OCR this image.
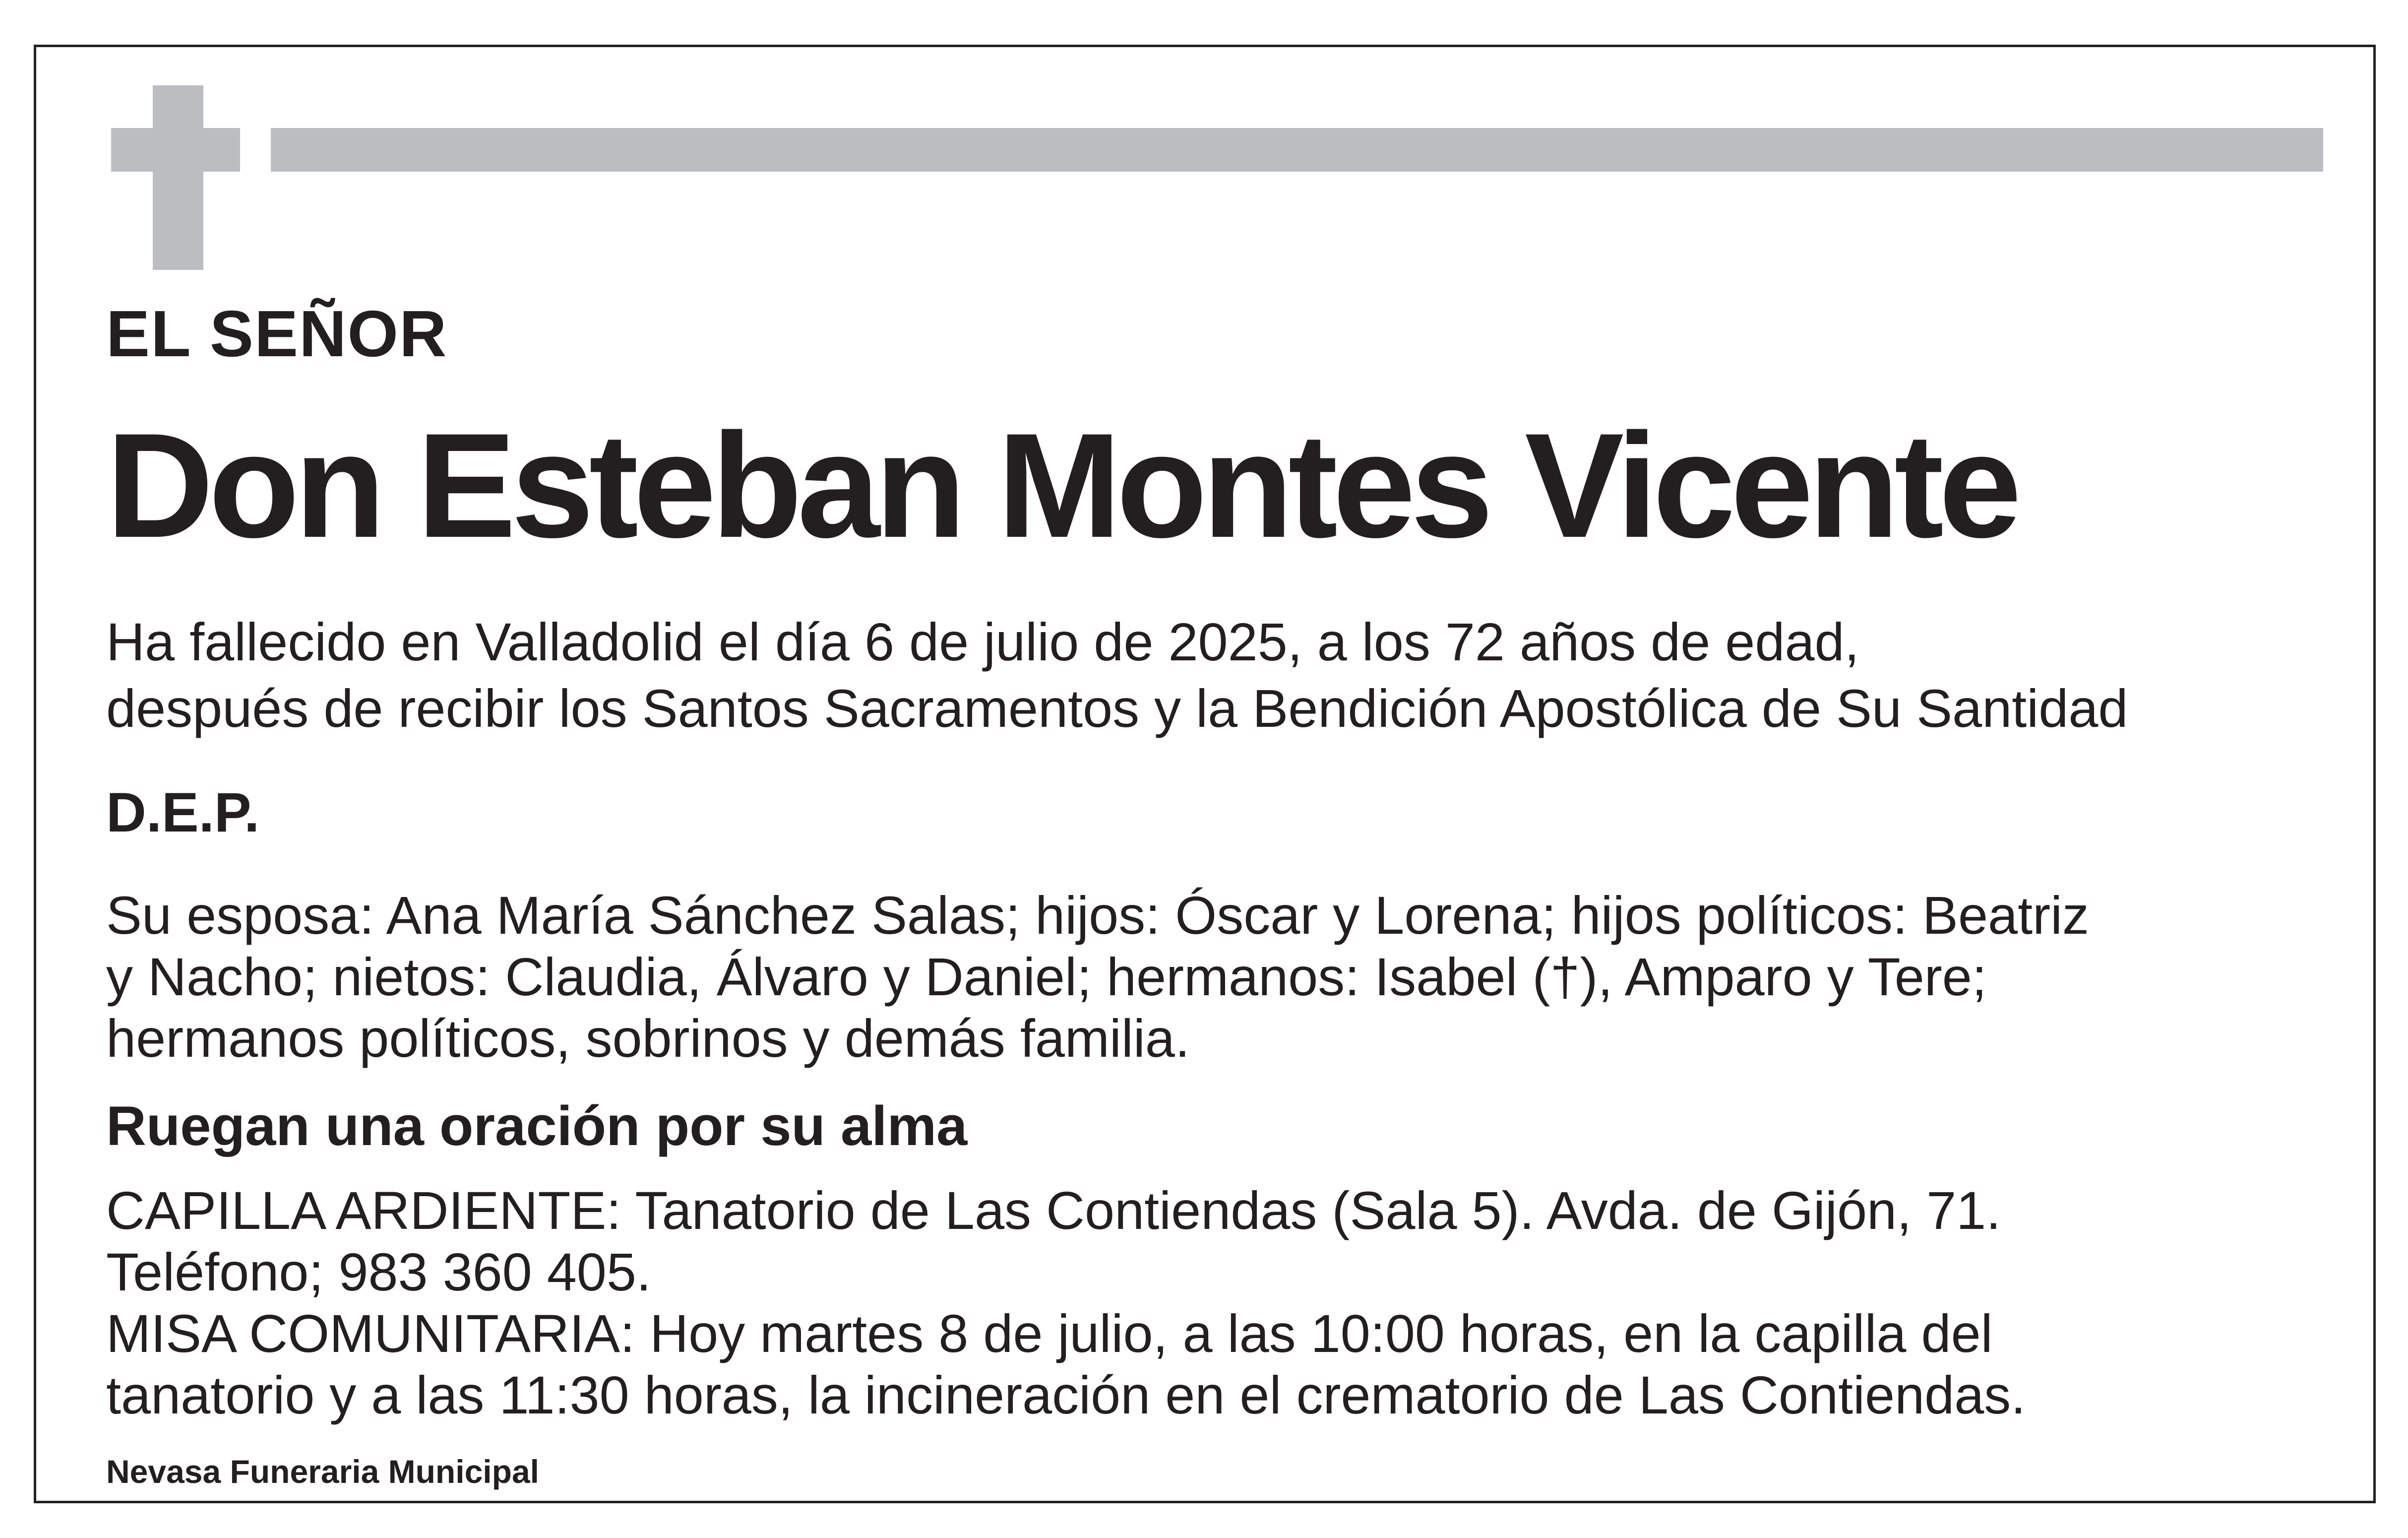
EL SEÑOR

Don Esteban Montes Vicente

Ha fallecido en Valladolid el día 6 de julio de 2025, a los 72 años de edad,

después de recibir los Santos Sacramentos y la Bendición Apostólica de Su Santidad

D.E.P.

Su esposa: Ana María Sánchez Salas; hijos: Óscar y Lorena; hijos políticos: Beatriz
y Nacho; nietos: Claudia, Álvaro y Daniel; hermanos: Isabel (†), Amparo y Tere;
hermanos políticos, sobrinos y demás familia.

Ruegan una oración por su alma

CAPILLA ARDIENTE: Tanatorio de Las Contiendas (Sala 5). Avda. de Gijón, 71.
Teléfono; 983 360 405.
MISA COMUNITARIA: Hoy martes 8 de julio, a las 10:00 horas, en la capilla del
tanatorio y a las 11:30 horas, la incineración en el crematorio de Las Contiendas.

Nevasa Funeraria Municipal
